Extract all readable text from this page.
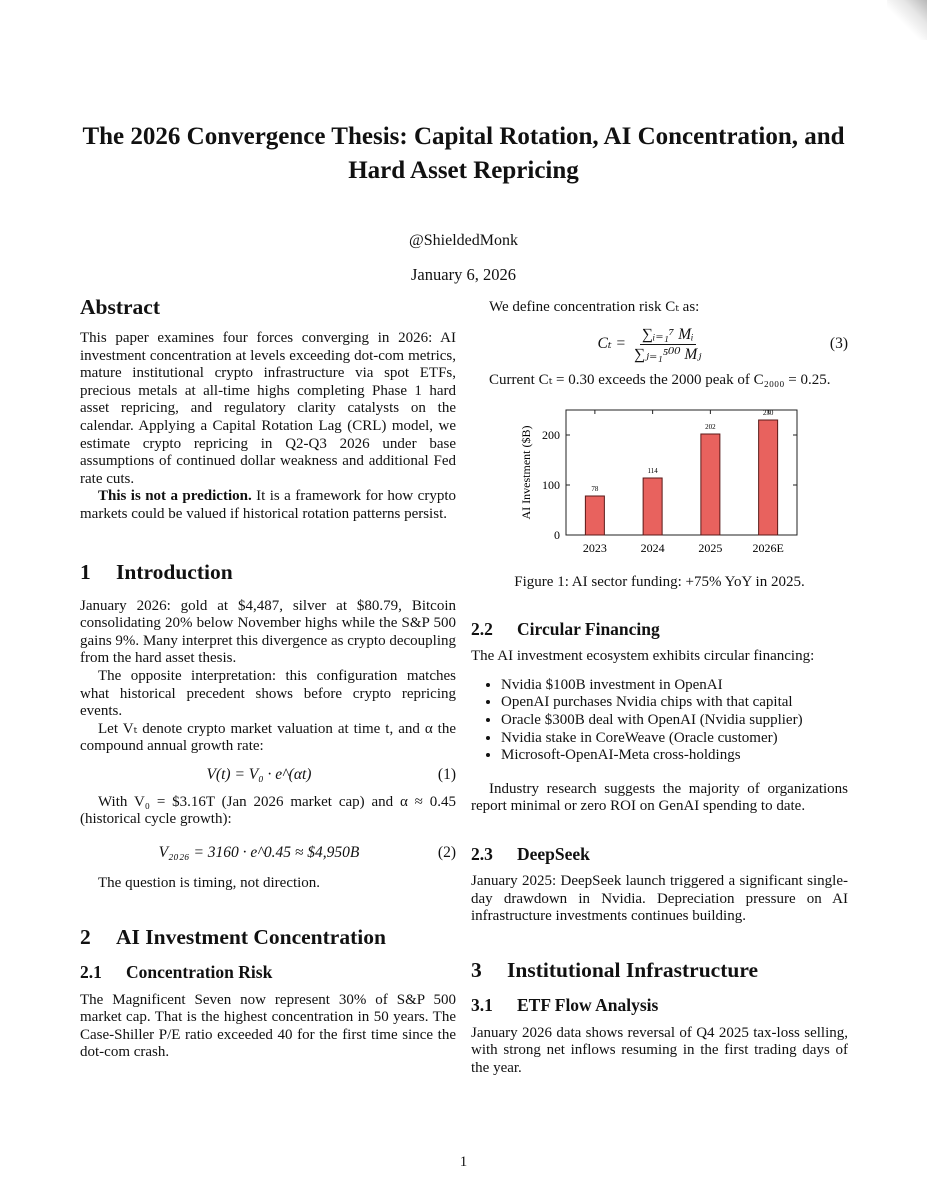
The 2026 Convergence Thesis: Capital Rotation, AI Concentration, and Hard Asset Repricing
@ShieldedMonk
January 6, 2026
Abstract

This paper examines four forces converging in 2026: AI investment concentration at levels exceeding dot-com metrics, mature institutional crypto infrastructure via spot ETFs, precious metals at all-time highs completing Phase 1 hard asset repricing, and regulatory clarity catalysts on the calendar. Applying a Capital Rotation Lag (CRL) model, we estimate crypto repricing in Q2-Q3 2026 under base assumptions of continued dollar weakness and additional Fed rate cuts.

This is not a prediction. It is a framework for how crypto markets could be valued if historical rotation patterns persist.

1 Introduction

January 2026: gold at $4,487, silver at $80.79, Bitcoin consolidating 20% below November highs while the S&P 500 gains 9%. Many interpret this divergence as crypto decoupling from the hard asset thesis.

The opposite interpretation: this configuration matches what historical precedent shows before crypto repricing events.

Let Vₜ denote crypto market valuation at time t, and α the compound annual growth rate:

V(t) = V₀ · e^(αt)	(1)

With V₀ = $3.16T (Jan 2026 market cap) and α ≈ 0.45 (historical cycle growth):

V₂₀₂₆ = 3160 · e^0.45 ≈ $4,950B	(2)

The question is timing, not direction.

2 AI Investment Concentration
2.1 Concentration Risk

The Magnificent Seven now represent 30% of S&P 500 market cap. That is the highest concentration in 50 years. The Case-Shiller P/E ratio exceeded 40 for the first time since the dot-com crash.

1

We define concentration risk Cₜ as:

$C_t = \frac{\text{∑ᵢ₌₁⁷ Mᵢ}}{\text{∑ⱼ₌₁⁵⁰⁰ Mⱼ}}$	(3)

Current Cₜ = 0.30 exceeds the 2000 peak of C₂₀₀₀ = 0.25.

0
100
200
78
2023
114
2024
202
2025
230
2026E
AI Investment ($B)
Figure 1: AI sector funding: +75% YoY in 2025.
2.2 Circular Financing

The AI investment ecosystem exhibits circular financing:

• Nvidia $100B investment in OpenAI
• OpenAI purchases Nvidia chips with that capital
• Oracle $300B deal with OpenAI (Nvidia supplier)
• Nvidia stake in CoreWeave (Oracle customer)
• Microsoft-OpenAI-Meta cross-holdings

Industry research suggests the majority of organizations report minimal or zero ROI on GenAI spending to date.

2.3 DeepSeek

January 2025: DeepSeek launch triggered a significant single-day drawdown in Nvidia. Depreciation pressure on AI infrastructure investments continues building.

3 Institutional Infrastructure
3.1 ETF Flow Analysis

January 2026 data shows reversal of Q4 2025 tax-loss selling, with strong net inflows resuming in the first trading days of the year.
